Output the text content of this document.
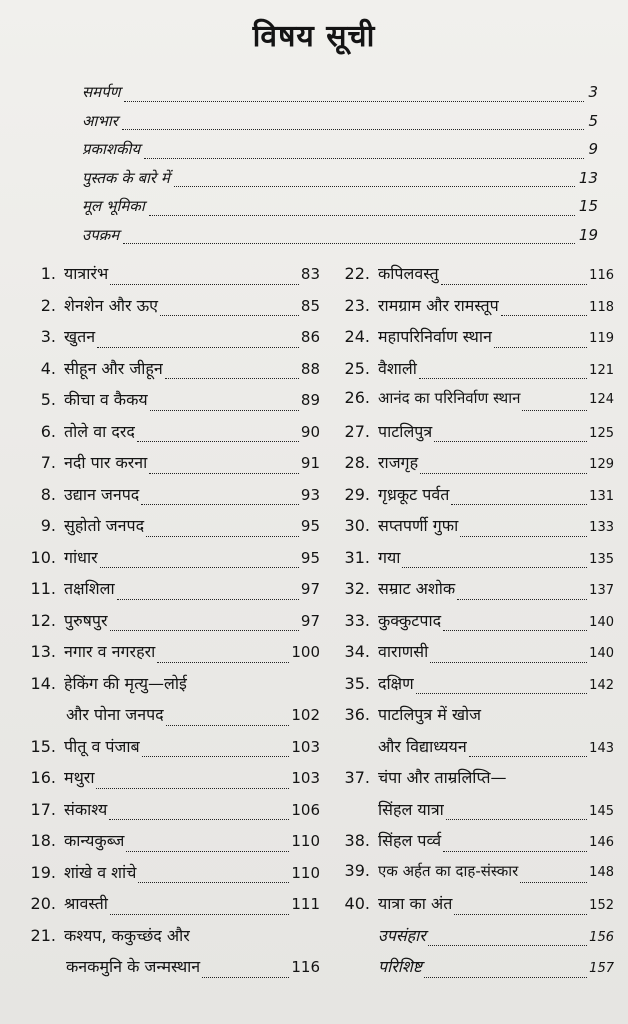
विषय सूची
समर्पण	3
आभार	5
प्रकाशकीय	9
पुस्तक के बारे में	13
मूल भूमिका	15
उपक्रम	19
1. यात्रारंभ	83
2. शेनशेन और ऊए	85
3. खुतन	86
4. सीहून और जीहून	88
5. कीचा व कैकय	89
6. तोले वा दरद	90
7. नदी पार करना	91
8. उद्यान जनपद	93
9. सुहोतो जनपद	95
10. गांधार	95
11. तक्षशिला	97
12. पुरुषपुर	97
13. नगार व नगरहरा	100
14. हेकिंग की मृत्यु—लोई
और पोना जनपद	102
15. पीतू व पंजाब	103
16. मथुरा	103
17. संकाश्य	106
18. कान्यकुब्ज	110
19. शांखे व शांचे	110
20. श्रावस्ती	111
21. कश्यप, ककुच्छंद और
कनकमुनि के जन्मस्थान	116
22. कपिलवस्तु	116
23. रामग्राम और रामस्तूप	118
24. महापरिनिर्वाण स्थान	119
25. वैशाली	121
26. आनंद का परिनिर्वाण स्थान	124
27. पाटलिपुत्र	125
28. राजगृह	129
29. गृध्रकूट पर्वत	131
30. सप्तपर्णी गुफा	133
31. गया	135
32. सम्राट अशोक	137
33. कुक्कुटपाद	140
34. वाराणसी	140
35. दक्षिण	142
36. पाटलिपुत्र में खोज
और विद्याध्ययन	143
37. चंपा और ताम्रलिप्ति—
सिंहल यात्रा	145
38. सिंहल पर्व्व	146
39. एक अर्हत का दाह-संस्कार	148
40. यात्रा का अंत	152
उपसंहार	156
परिशिष्ट	157
